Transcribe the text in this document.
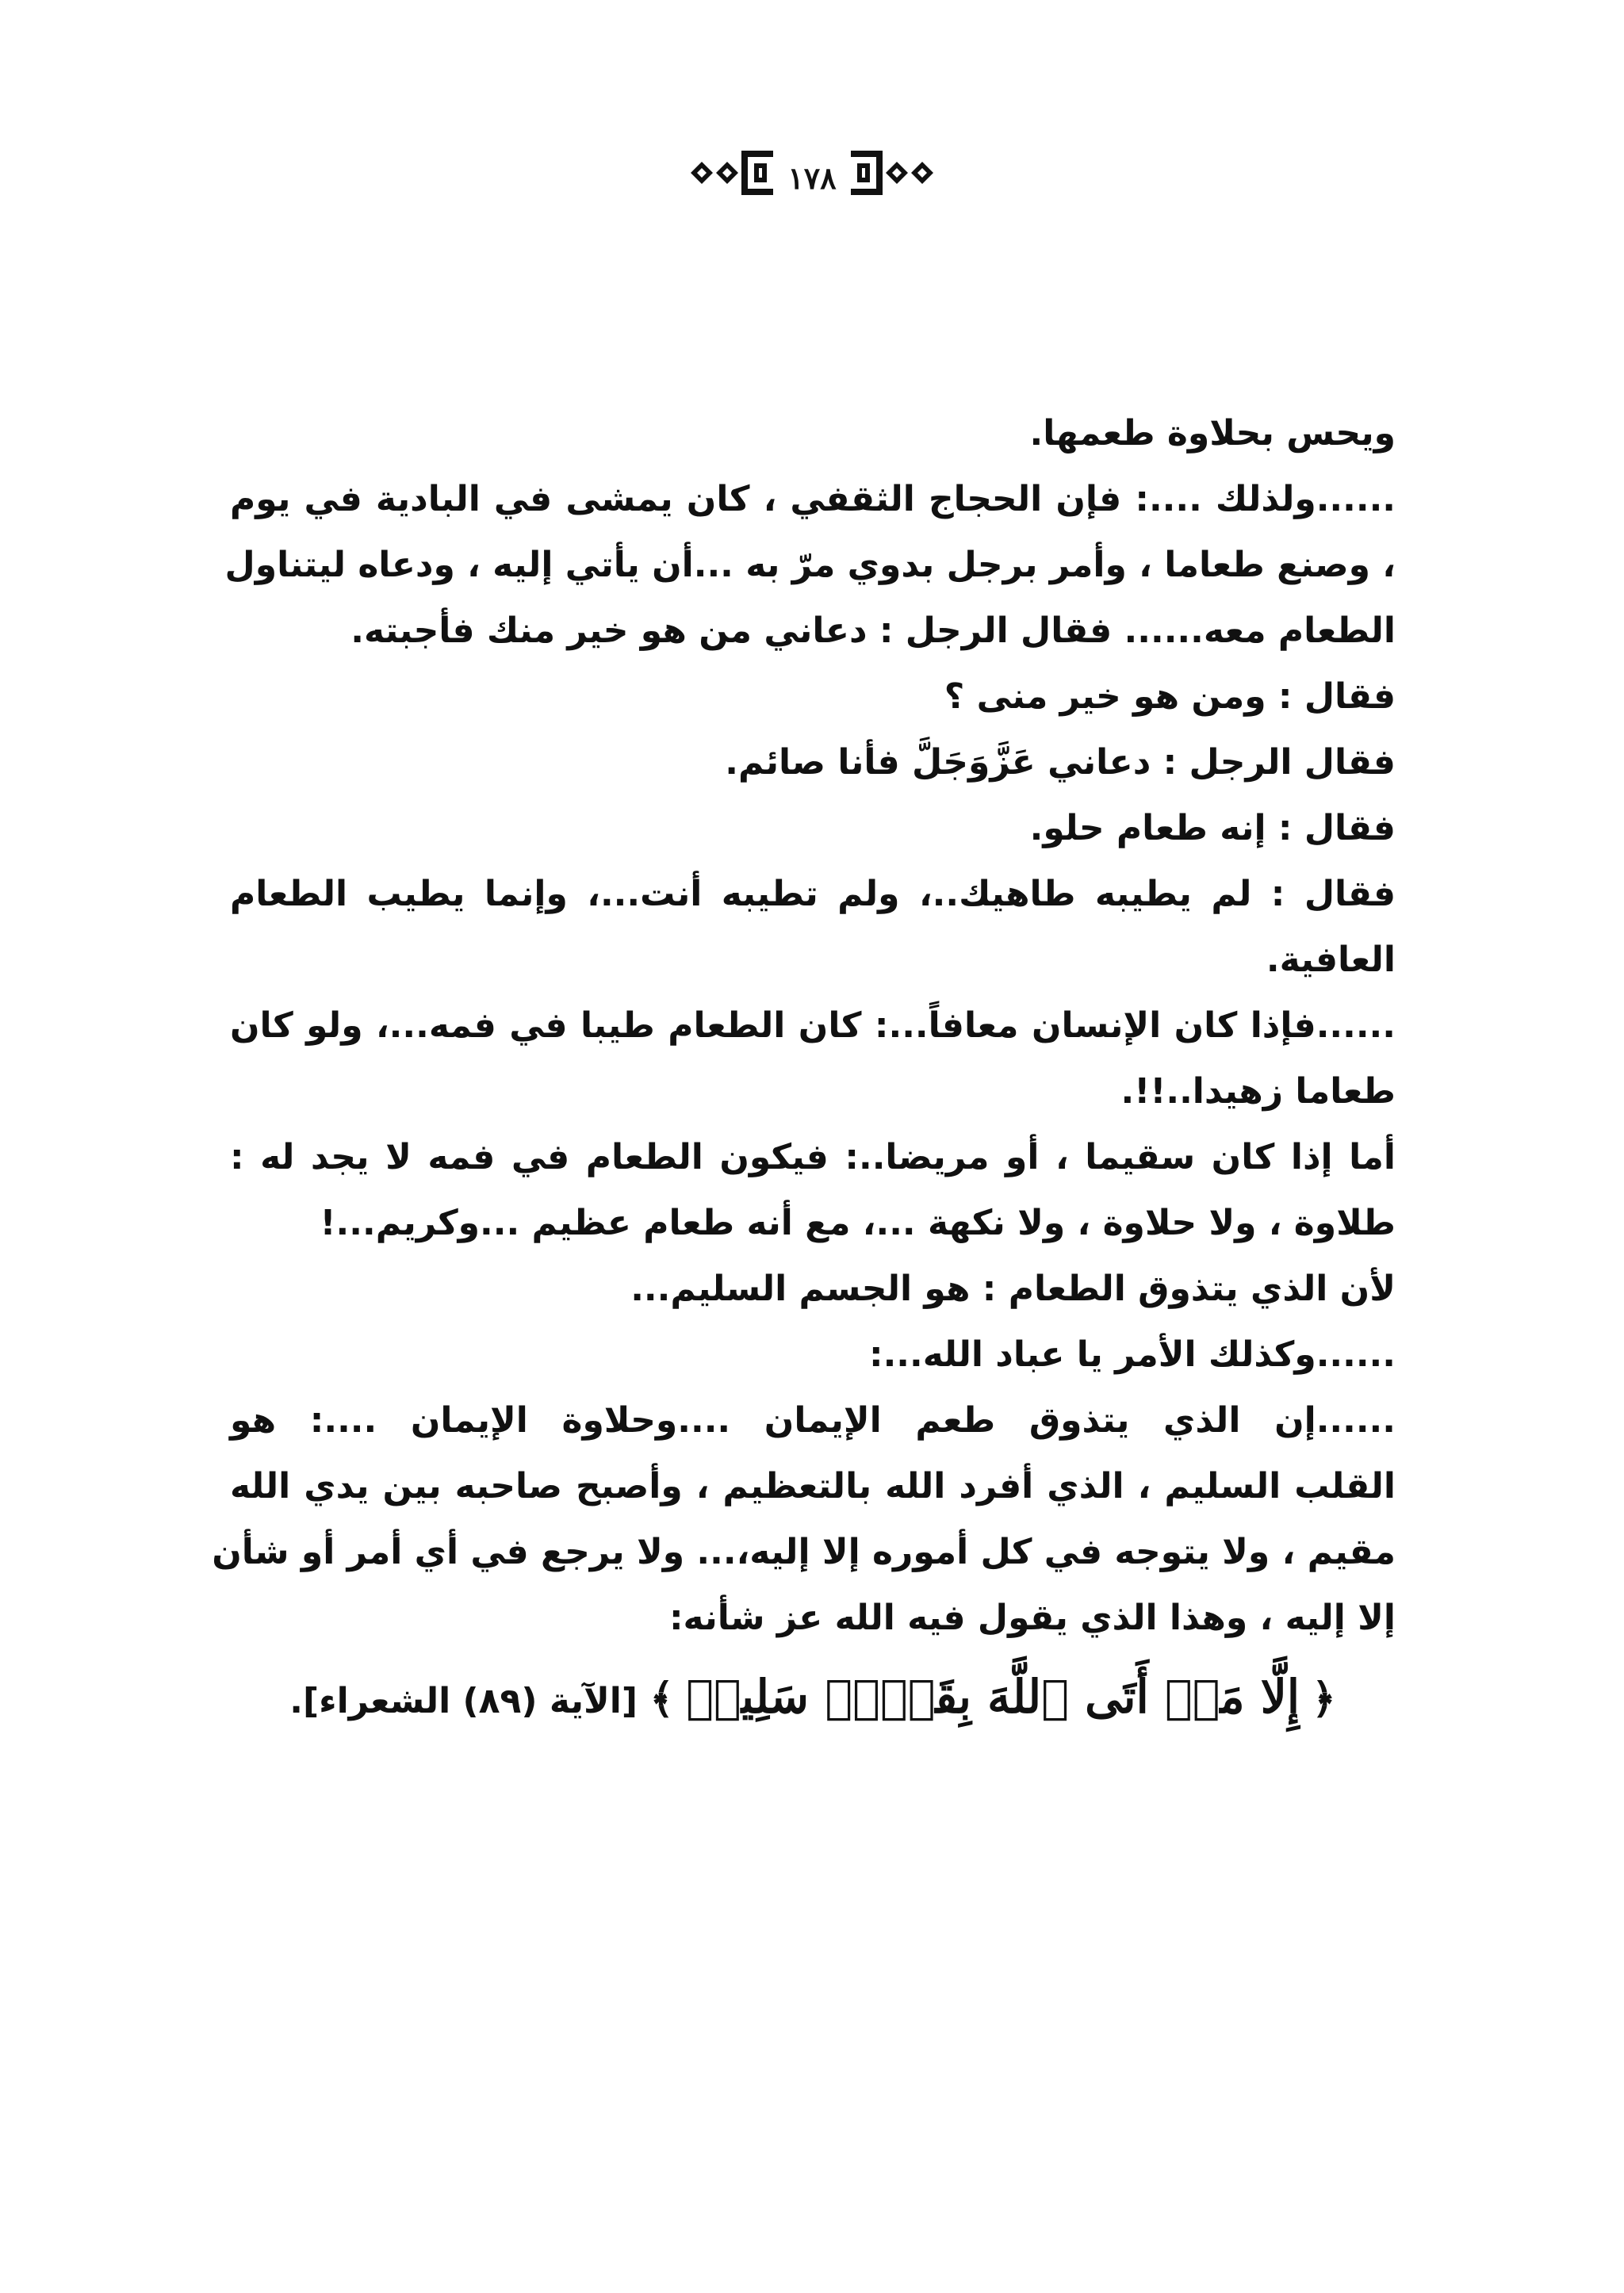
١٧٨
ويحس بحلاوة طعمها.
......ولذلك ....: فإن الحجاج الثقفي ، كان يمشى في البادية في يوم
، وصنع طعاما ، وأمر برجل بدوي مرّ به ...أن يأتي إليه ، ودعاه ليتناول
الطعام معه...... فقال الرجل : دعاني من هو خير منك فأجبته.
فقال : ومن هو خير منى ؟
فقال الرجل : دعاني عَزَّوَجَلَّ فأنا صائم.
فقال : إنه طعام حلو.
فقال : لم يطيبه طاهيك..، ولم تطيبه أنت...، وإنما يطيب الطعام
العافية.
......فإذا كان الإنسان معافاً...: كان الطعام طيبا في فمه...، ولو كان
طعاما زهيدا..!!.
أما إذا كان سقيما ، أو مريضا..: فيكون الطعام في فمه لا يجد له :
طلاوة ، ولا حلاوة ، ولا نكهة ...، مع أنه طعام عظيم ...وكريم...!
لأن الذي يتذوق الطعام : هو الجسم السليم...
......وكذلك الأمر يا عباد الله...:
......إن الذي يتذوق طعم الإيمان ....وحلاوة الإيمان ....: هو
القلب السليم ، الذي أفرد الله بالتعظيم ، وأصبح صاحبه بين يدي الله
مقيم ، ولا يتوجه في كل أموره إلا إليه،... ولا يرجع في أي أمر أو شأن
إلا إليه ، وهذا الذي يقول فيه الله عز شأنه:
﴿ إِلَّا مَنۡ أَتَى ٱللَّهَ بِقَلۡبٖ سَلِيمٖ ﴾ [الآية (٨٩) الشعراء].
